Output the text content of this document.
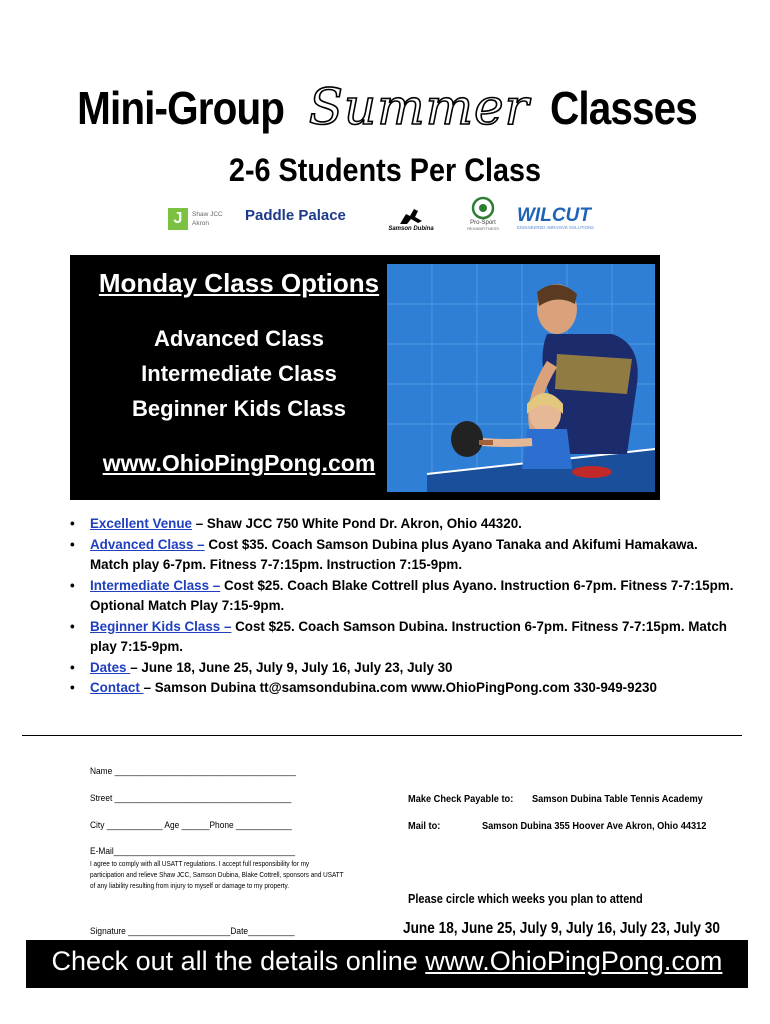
Mini-Group Summer Classes
2-6 Students Per Class
J	Shaw JCC
Akron	Paddle Palace
Samson Dubina
Pro-Sport
REHAB/FITNESS
WILCUT
ENGINEERED ABRASIVE SOLUTIONS
Monday Class Options
Advanced Class
Intermediate Class
Beginner Kids Class
www.OhioPingPong.com
• Excellent Venue – Shaw JCC 750 White Pond Dr. Akron, Ohio 44320.
• Advanced Class – Cost $35. Coach Samson Dubina plus Ayano Tanaka and Akifumi Hamakawa. Match play 6-7pm. Fitness 7-7:15pm. Instruction 7:15-9pm.
• Intermediate Class – Cost $25. Coach Blake Cottrell plus Ayano. Instruction 6-7pm. Fitness 7-7:15pm. Optional Match Play 7:15-9pm.
• Beginner Kids Class – Cost $25. Coach Samson Dubina. Instruction 6-7pm. Fitness 7-7:15pm. Match play 7:15-9pm.
• Dates – June 18, June 25, July 9, July 16, July 23, July 30
• Contact – Samson Dubina tt@samsondubina.com www.OhioPingPong.com 330-949-9230
Name _______________________________________
Street ______________________________________
City ____________ Age ______Phone ____________
E-Mail_______________________________________
I agree to comply with all USATT regulations. I accept full responsibility for my participation and relieve Shaw JCC, Samson Dubina, Blake Cottrell, sponsors and USATT of any liability resulting from injury to myself or damage to my property.
Signature ______________________Date__________
Make Check Payable to: Samson Dubina Table Tennis Academy
Mail to:	Samson Dubina 355 Hoover Ave Akron, Ohio 44312
Please circle which weeks you plan to attend
June 18, June 25, July 9, July 16, July 23, July 30
Check out all the details online www.OhioPingPong.com
